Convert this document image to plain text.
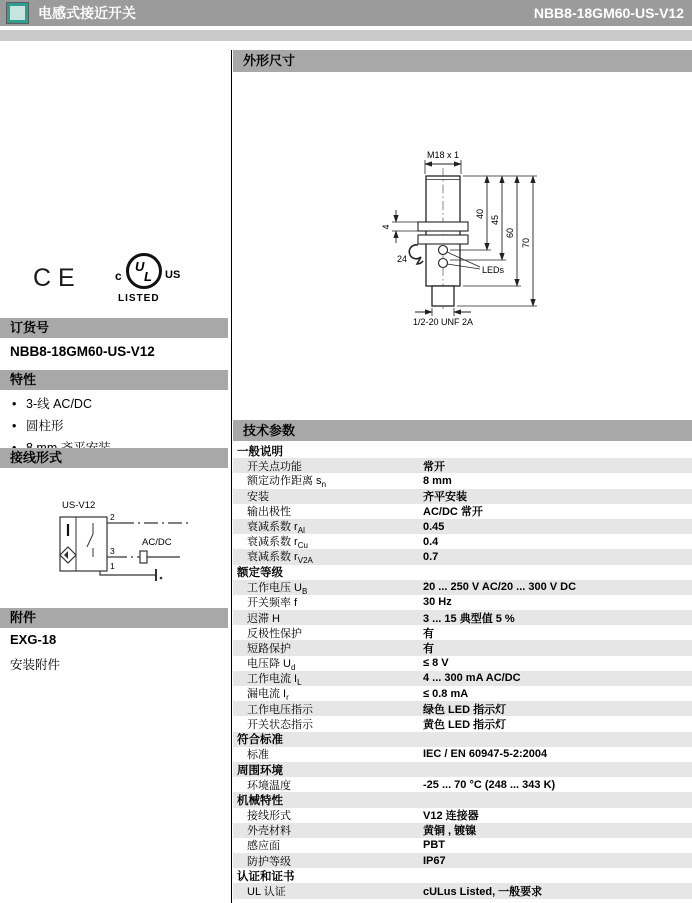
电感式接近开关	NBB8-18GM60-US-V12
CE	c
U
L US
LISTED
订货号
NBB8-18GM60-US-V12
特性
• 3-线 AC/DC
• 圆柱形
•
接线形式
US-V12
2
3
1
AC/DC
附件
EXG-18
安装附件
外形尺寸
M18 x 1
4
24
LEDs
1/2-20 UNF 2A
40
45
60
70
技术参数
一般说明
开关点功能	常开
额定动作距离 $s_n$	8 mm
安装	齐平安装
输出极性	AC/DC 常开
衰减系数 $r_{Al}$	0.45
衰减系数 $r_{Cu}$	0.4
衰减系数 $r_{V2A}$	0.7
额定等级
工作电压 $U_B$	20 ... 250 V AC/20 ... 300 V DC
开关频率 f	30 Hz
迟滞 H	3 ... 15 典型值 5 %
反极性保护	有
短路保护	有
电压降 $U_d$	≤ 8 V
工作电流 $I_L$	4 ... 300 mA AC/DC
漏电流 $I_r$	≤ 0.8 mA
工作电压指示	绿色 LED 指示灯
开关状态指示	黄色 LED 指示灯
符合标准
标准	IEC / EN 60947-5-2:2004
周围环境
环境温度	-25 ... 70 °C (248 ... 343 K)
机械特性
接线形式	V12 连接器
外壳材料	黄铜 , 镀镍
感应面	PBT
防护等级	IP67
认证和证书
UL 认证	cULus Listed, 一般要求
